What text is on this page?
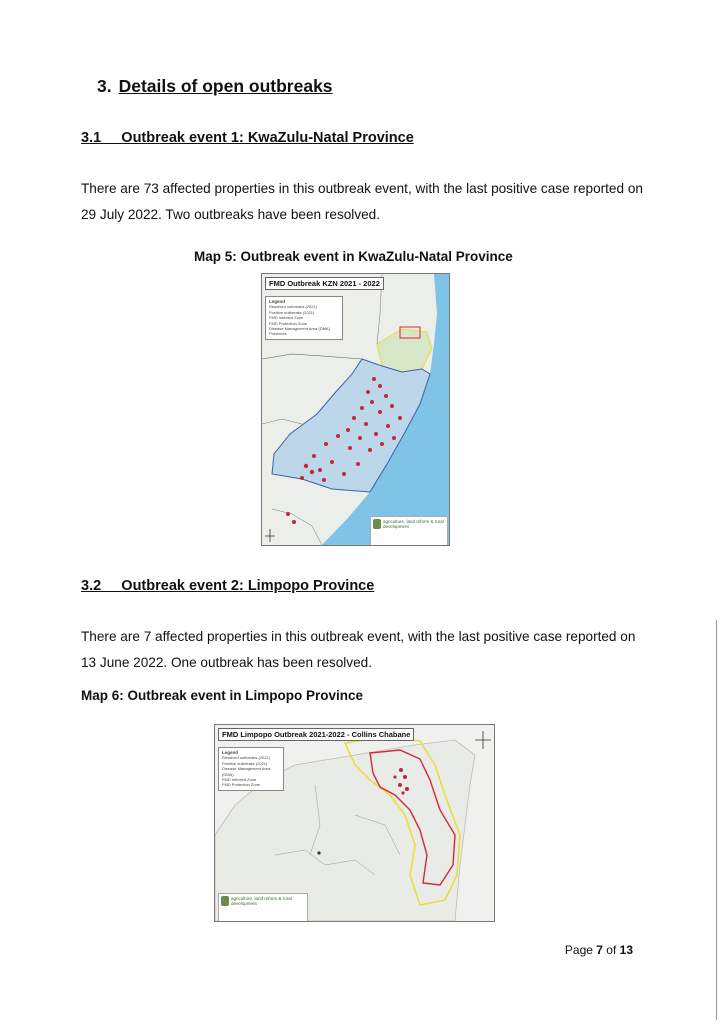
3. Details of open outbreaks
3.1     Outbreak event 1: KwaZulu-Natal Province
There are 73 affected properties in this outbreak event, with the last positive case reported on
29 July 2022. Two outbreaks have been resolved.
Map 5: Outbreak event in KwaZulu-Natal Province
FMD Outbreak KZN 2021 - 2022
Legend
Resolved outbreaks (2021)
Positive outbreaks (2021)
FMD Infected Zone
FMD Protection Zone
Disease Management Area (DMA)
Provinces
agriculture, land reform & rural development
3.2     Outbreak event 2: Limpopo Province
There are 7 affected properties in this outbreak event, with the last positive case reported on
13 June 2022. One outbreak has been resolved.
Map 6: Outbreak event in Limpopo Province
FMD Limpopo Outbreak 2021-2022 - Collins Chabane
Legend
Resolved outbreaks (2021)
Positive outbreaks (2021)
Disease Management Area (DMA)
FMD Infected Zone
FMD Protection Zone
agriculture, land reform & rural development
Page 7 of 13
